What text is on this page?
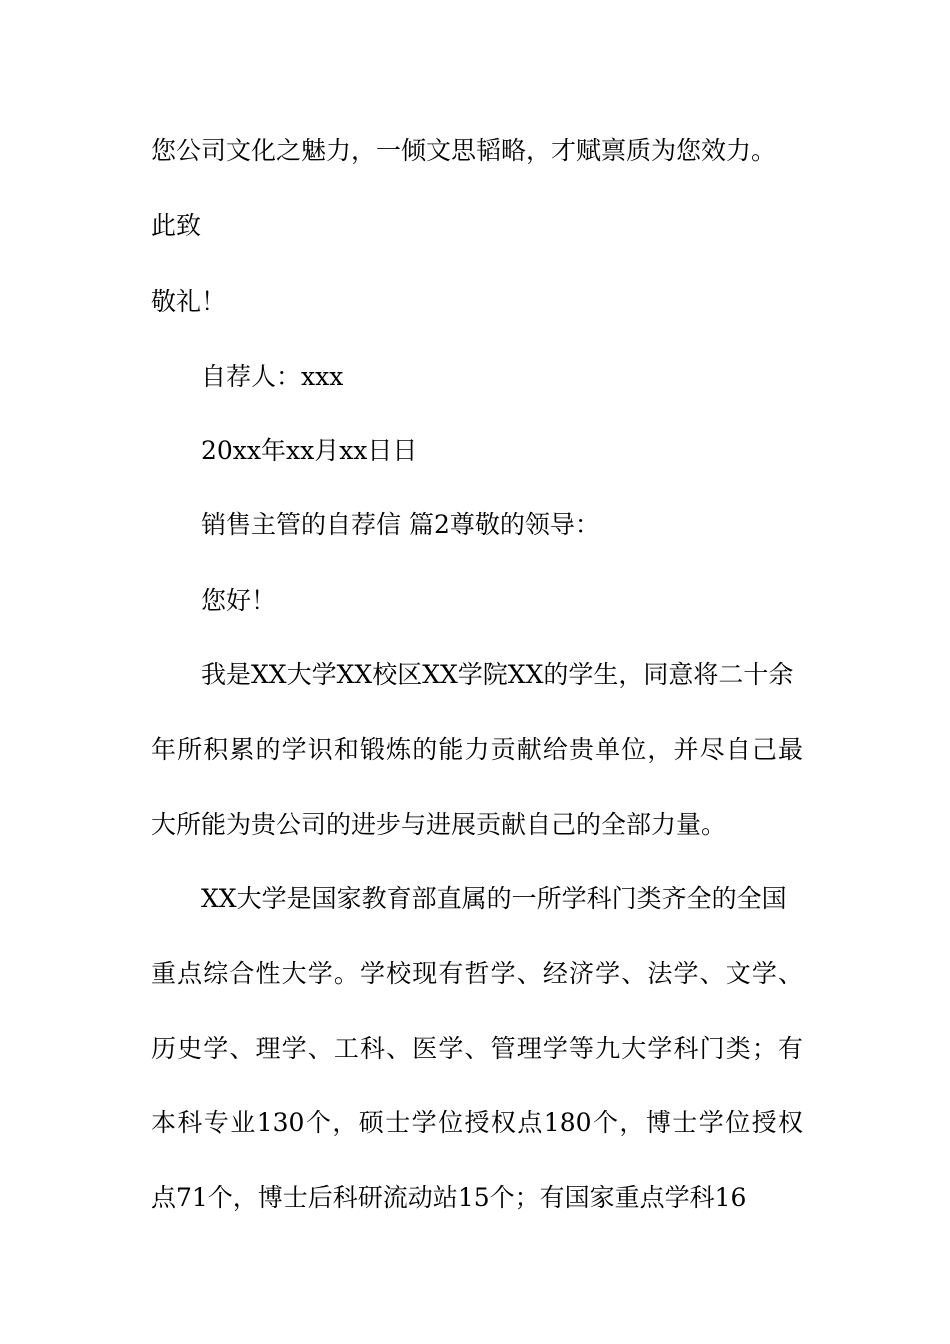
您公司文化之魅力，一倾文思韬略，才赋禀质为您效力。

此致

敬礼！

自荐人：xxx

20xx年xx月xx日日

销售主管的自荐信 篇2尊敬的领导：

您好！

我是XX大学XX校区XX学院XX的学生，同意将二十余

年所积累的学识和锻炼的能力贡献给贵单位，并尽自己最

大所能为贵公司的进步与进展贡献自己的全部力量。

XX大学是国家教育部直属的一所学科门类齐全的全国

重点综合性大学。学校现有哲学、经济学、法学、文学、

历史学、理学、工科、医学、管理学等九大学科门类；有

本科专业130个，硕士学位授权点180个，博士学位授权

点71个，博士后科研流动站15个；有国家重点学科16
